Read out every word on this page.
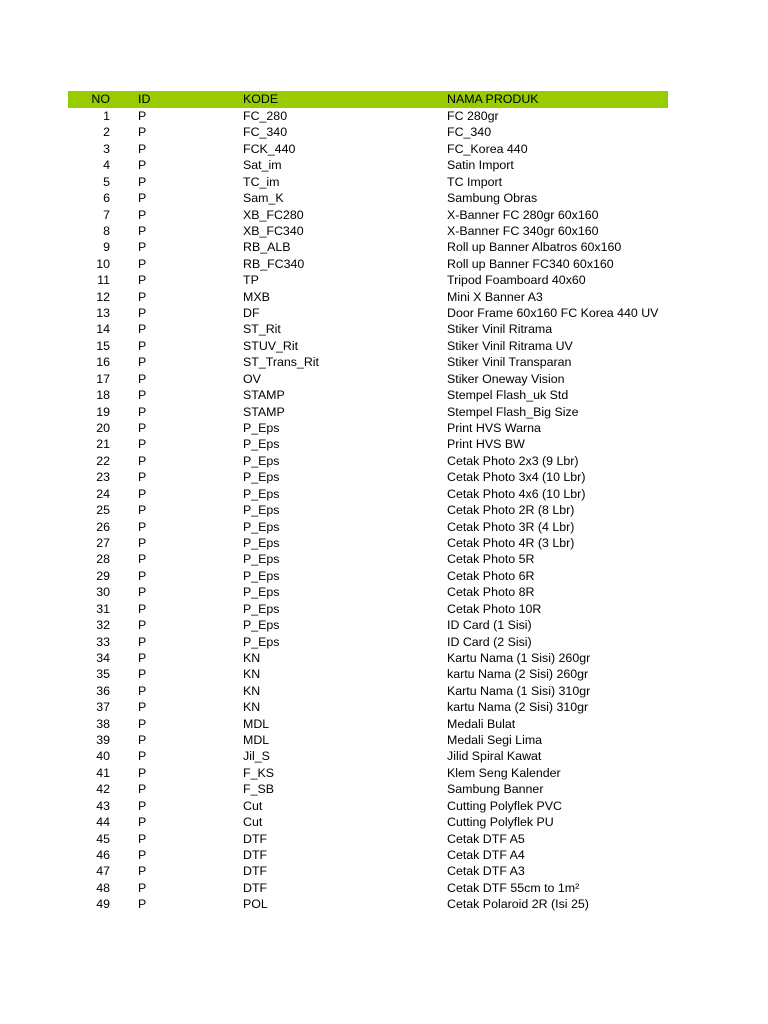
NO ID	KODE	NAMA PRODUK
1 P	FC_280	FC 280gr
2 P	FC_340	FC_340
3 P	FCK_440	FC_Korea 440
4 P	Sat_im	Satin Import
5 P	TC_im	TC Import
6 P	Sam_K	Sambung Obras
7 P	XB_FC280	X-Banner FC 280gr 60x160
8 P	XB_FC340	X-Banner FC 340gr 60x160
9 P	RB_ALB	Roll up Banner Albatros 60x160
10 P	RB_FC340	Roll up Banner FC340 60x160
11 P	TP	Tripod Foamboard 40x60
12 P	MXB	Mini X Banner A3
13 P	DF	Door Frame 60x160 FC Korea 440 UV
14 P	ST_Rit	Stiker Vinil Ritrama
15 P	STUV_Rit	Stiker Vinil Ritrama UV
16 P	ST_Trans_Rit	Stiker Vinil Transparan
17 P	OV	Stiker Oneway Vision
18 P	STAMP	Stempel Flash_uk Std
19 P	STAMP	Stempel Flash_Big Size
20 P	P_Eps	Print HVS Warna
21 P	P_Eps	Print HVS BW
22 P	P_Eps	Cetak Photo 2x3 (9 Lbr)
23 P	P_Eps	Cetak Photo 3x4 (10 Lbr)
24 P	P_Eps	Cetak Photo 4x6 (10 Lbr)
25 P	P_Eps	Cetak Photo 2R (8 Lbr)
26 P	P_Eps	Cetak Photo 3R (4 Lbr)
27 P	P_Eps	Cetak Photo 4R (3 Lbr)
28 P	P_Eps	Cetak Photo 5R
29 P	P_Eps	Cetak Photo 6R
30 P	P_Eps	Cetak Photo 8R
31 P	P_Eps	Cetak Photo 10R
32 P	P_Eps	ID Card (1 Sisi)
33 P	P_Eps	ID Card (2 Sisi)
34 P	KN	Kartu Nama (1 Sisi) 260gr
35 P	KN	kartu Nama (2 Sisi) 260gr
36 P	KN	Kartu Nama (1 Sisi) 310gr
37 P	KN	kartu Nama (2 Sisi) 310gr
38 P	MDL	Medali Bulat
39 P	MDL	Medali Segi Lima
40 P	Jil_S	Jilid Spiral Kawat
41 P	F_KS	Klem Seng Kalender
42 P	F_SB	Sambung Banner
43 P	Cut	Cutting Polyflek PVC
44 P	Cut	Cutting Polyflek PU
45 P	DTF	Cetak DTF A5
46 P	DTF	Cetak DTF A4
47 P	DTF	Cetak DTF A3
48 P	DTF	Cetak DTF 55cm to 1m²
49 P	POL	Cetak Polaroid 2R (Isi 25)
